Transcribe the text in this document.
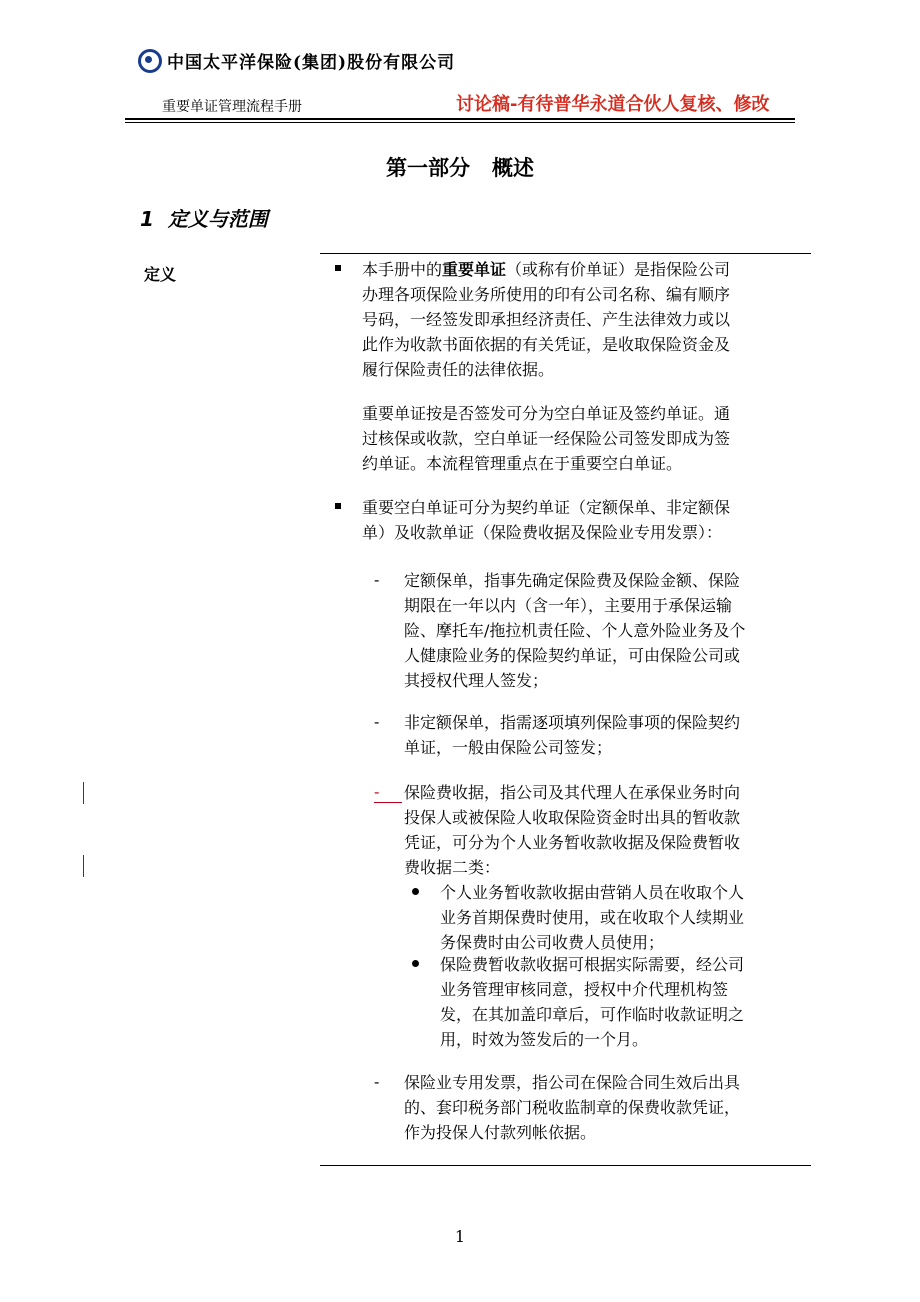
中国太平洋保险(集团)股份有限公司
重要单证管理流程手册	讨论稿-有待普华永道合伙人复核、修改
第一部分 概述
1 定义与范围
定义	本手册中的重要单证（或称有价单证）是指保险公司
办理各项保险业务所使用的印有公司名称、编有顺序
号码，一经签发即承担经济责任、产生法律效力或以
此作为收款书面依据的有关凭证，是收取保险资金及
履行保险责任的法律依据。
重要单证按是否签发可分为空白单证及签约单证。通
过核保或收款，空白单证一经保险公司签发即成为签
约单证。本流程管理重点在于重要空白单证。
重要空白单证可分为契约单证（定额保单、非定额保
单）及收款单证（保险费收据及保险业专用发票）：
- 定额保单，指事先确定保险费及保险金额、保险
期限在一年以内（含一年），主要用于承保运输
险、摩托车/拖拉机责任险、个人意外险业务及个
人健康险业务的保险契约单证，可由保险公司或
其授权代理人签发；
- 非定额保单，指需逐项填列保险事项的保险契约
单证，一般由保险公司签发；
- 保险费收据，指公司及其代理人在承保业务时向
投保人或被保险人收取保险资金时出具的暂收款
凭证，可分为个人业务暂收款收据及保险费暂收
费收据二类：
个人业务暂收款收据由营销人员在收取个人
业务首期保费时使用，或在收取个人续期业
务保费时由公司收费人员使用；
保险费暂收款收据可根据实际需要，经公司
业务管理审核同意，授权中介代理机构签
发，在其加盖印章后，可作临时收款证明之
用，时效为签发后的一个月。
- 保险业专用发票，指公司在保险合同生效后出具
的、套印税务部门税收监制章的保费收款凭证，
作为投保人付款列帐依据。
1
